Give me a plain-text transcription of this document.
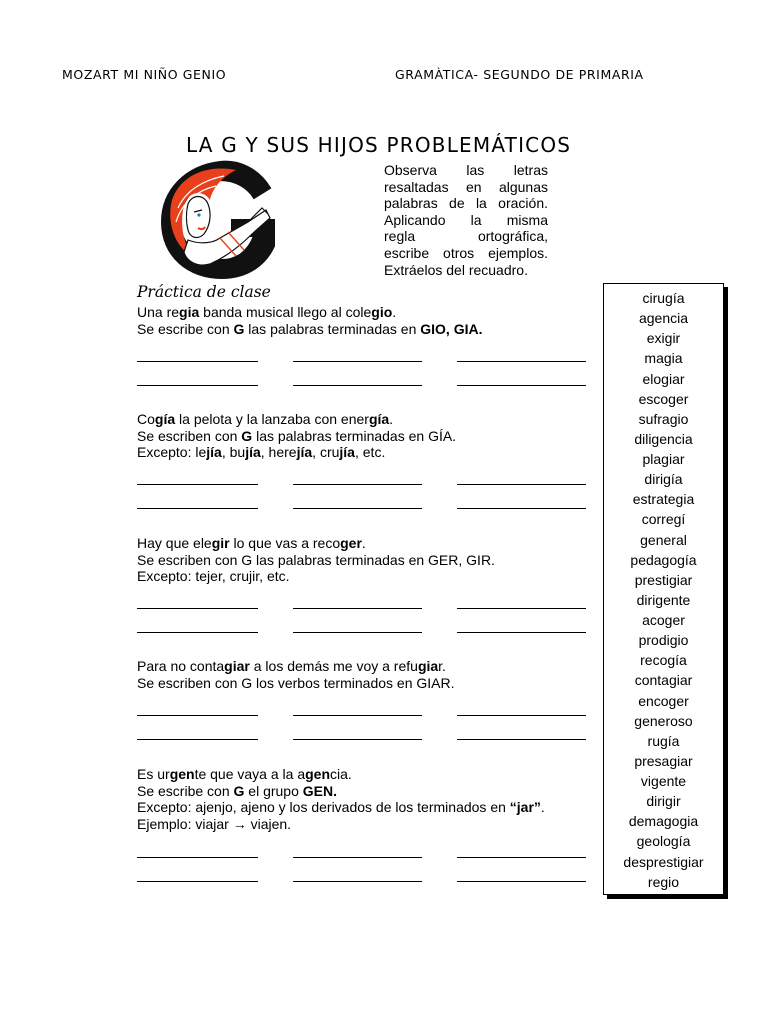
MOZART MI NIÑO GENIO	GRAMÀTICA- SEGUNDO DE PRIMARIA
LA G Y SUS HIJOS PROBLEMÁTICOS
Observa las letras
resaltadas en algunas
palabras de la oración.
Aplicando la misma
regla ortográfica,
escribe otros ejemplos.
Extráelos del recuadro.
Práctica de clase
Una regia banda musical llego al colegio.
Se escribe con G las palabras terminadas en GIO, GIA.
Cogía la pelota y la lanzaba con energía.
Se escriben con G las palabras terminadas en GÍA.
Excepto: lejía, bujía, herejía, crujía, etc.
Hay que elegir lo que vas a recoger.
Se escriben con G las palabras terminadas en GER, GIR.
Excepto: tejer, crujir, etc.
Para no contagiar a los demás me voy a refugiar.
Se escriben con G los verbos terminados en GIAR.
Es urgente que vaya a la agencia.
Se escribe con G el grupo GEN.
Excepto: ajenjo, ajeno y los derivados de los terminados en “jar”.
Ejemplo: viajar → viajen.
cirugía
agencia
exigir
magia
elogiar
escoger
sufragio
diligencia
plagiar
dirigía
estrategia
corregí
general
pedagogía
prestigiar
dirigente
acoger
prodigio
recogía
contagiar
encoger
generoso
rugía
presagiar
vigente
dirigir
demagogia
geología
desprestigiar
regio
